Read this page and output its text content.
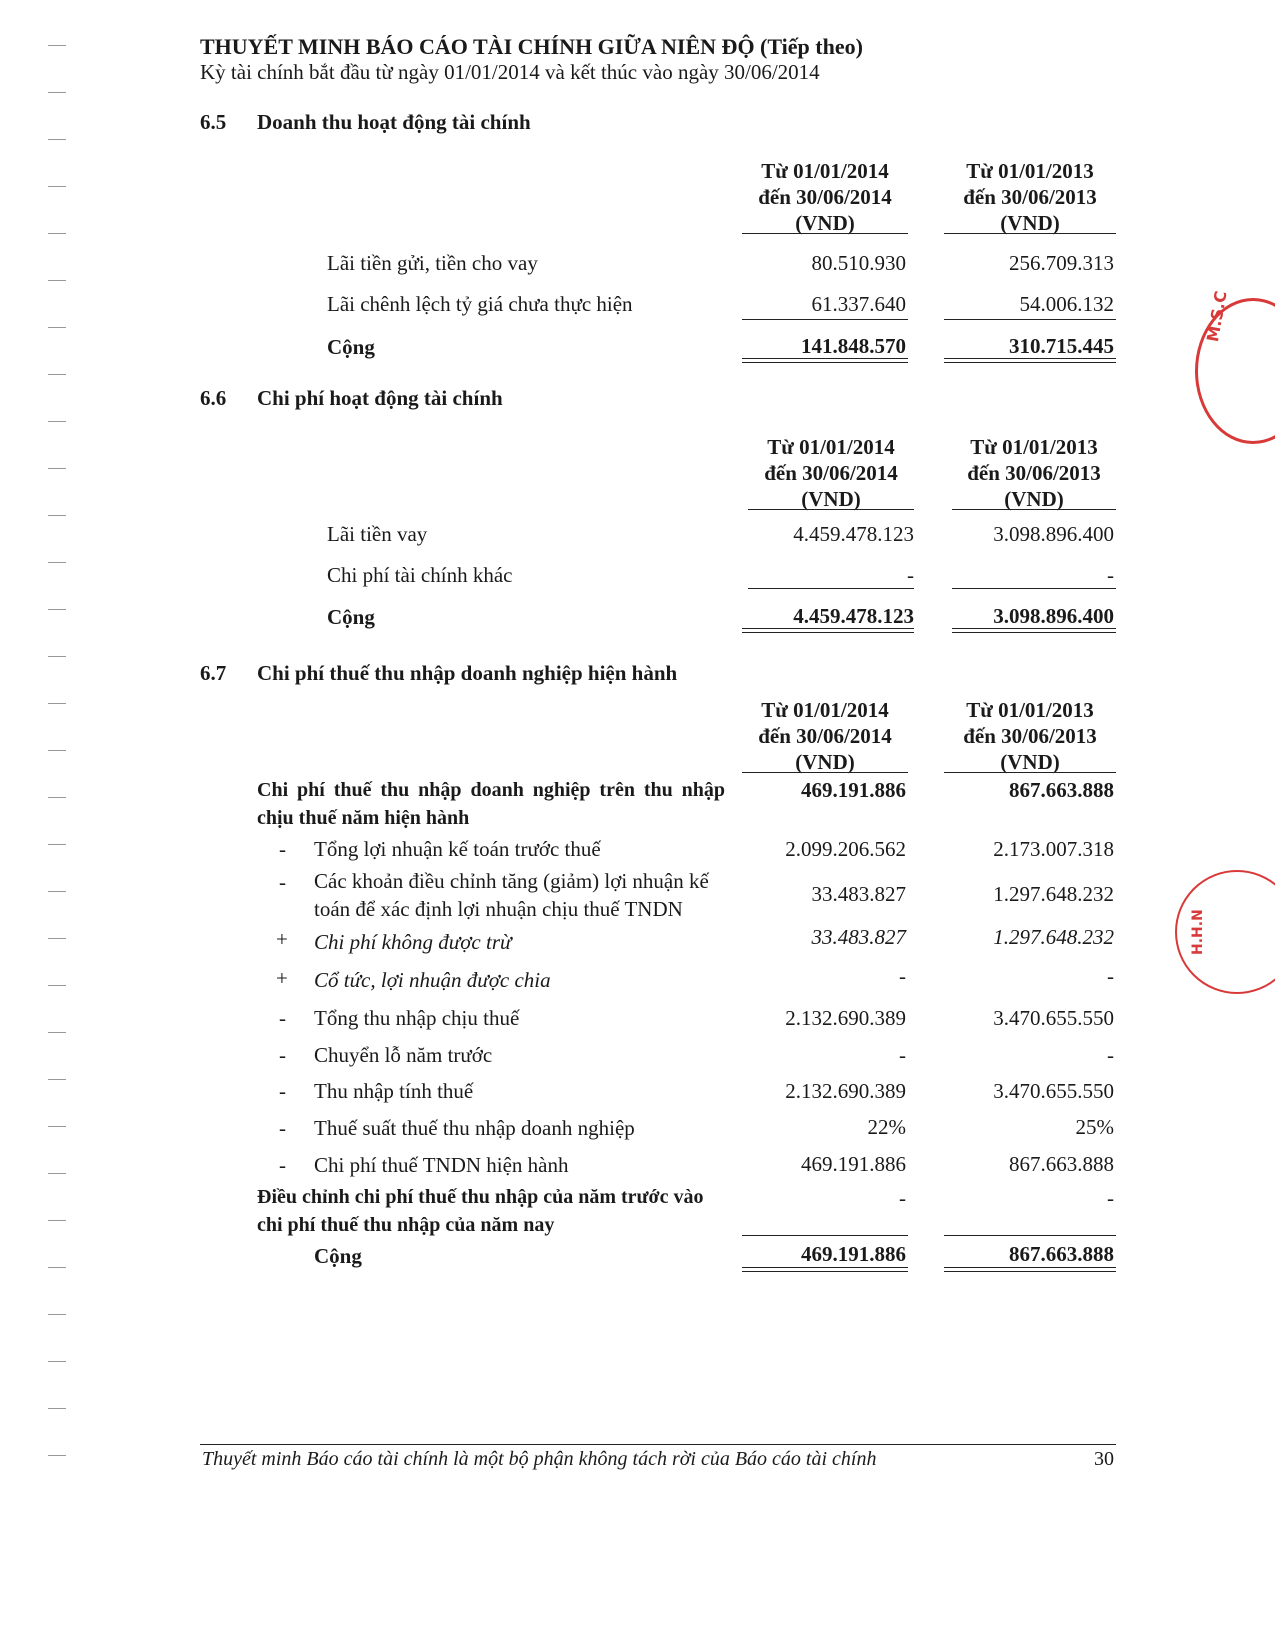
THUYẾT MINH BÁO CÁO TÀI CHÍNH GIỮA NIÊN ĐỘ (Tiếp theo)
Kỳ tài chính bắt đầu từ ngày 01/01/2014 và kết thúc vào ngày 30/06/2014
6.5 Doanh thu hoạt động tài chính
Từ 01/01/2014
đến 30/06/2014
(VND)
Từ 01/01/2013
đến 30/06/2013
(VND)
Lãi tiền gửi, tiền cho vay	80.510.930	256.709.313
Lãi chênh lệch tỷ giá chưa thực hiện	61.337.640	54.006.132
Cộng	141.848.570	310.715.445
6.6 Chi phí hoạt động tài chính
Từ 01/01/2014
đến 30/06/2014
(VND)
Từ 01/01/2013
đến 30/06/2013
(VND)
Lãi tiền vay	4.459.478.123	3.098.896.400
Chi phí tài chính khác	-	-
Cộng	4.459.478.123	3.098.896.400
6.7 Chi phí thuế thu nhập doanh nghiệp hiện hành
Từ 01/01/2014
đến 30/06/2014
(VND)
Từ 01/01/2013
đến 30/06/2013
(VND)
Chi phí thuế thu nhập doanh nghiệp trên thu nhập chịu thuế năm hiện hành
469.191.886	867.663.888
- Tổng lợi nhuận kế toán trước thuế	2.099.206.562	2.173.007.318
- Các khoản điều chỉnh tăng (giảm) lợi nhuận kế toán để xác định lợi nhuận chịu thuế TNDN
33.483.827	1.297.648.232
+ Chi phí không được trừ	33.483.827	1.297.648.232
+ Cổ tức, lợi nhuận được chia	-	-
- Tổng thu nhập chịu thuế	2.132.690.389	3.470.655.550
- Chuyển lỗ năm trước	-	-
- Thu nhập tính thuế	2.132.690.389	3.470.655.550
- Thuế suất thuế thu nhập doanh nghiệp	22%	25%
- Chi phí thuế TNDN hiện hành	469.191.886	867.663.888
Điều chỉnh chi phí thuế thu nhập của năm trước vào chi phí thuế thu nhập của năm nay
-	-
Cộng	469.191.886	867.663.888
Thuyết minh Báo cáo tài chính là một bộ phận không tách rời của Báo cáo tài chính	30
M.S.C
H.H.N
